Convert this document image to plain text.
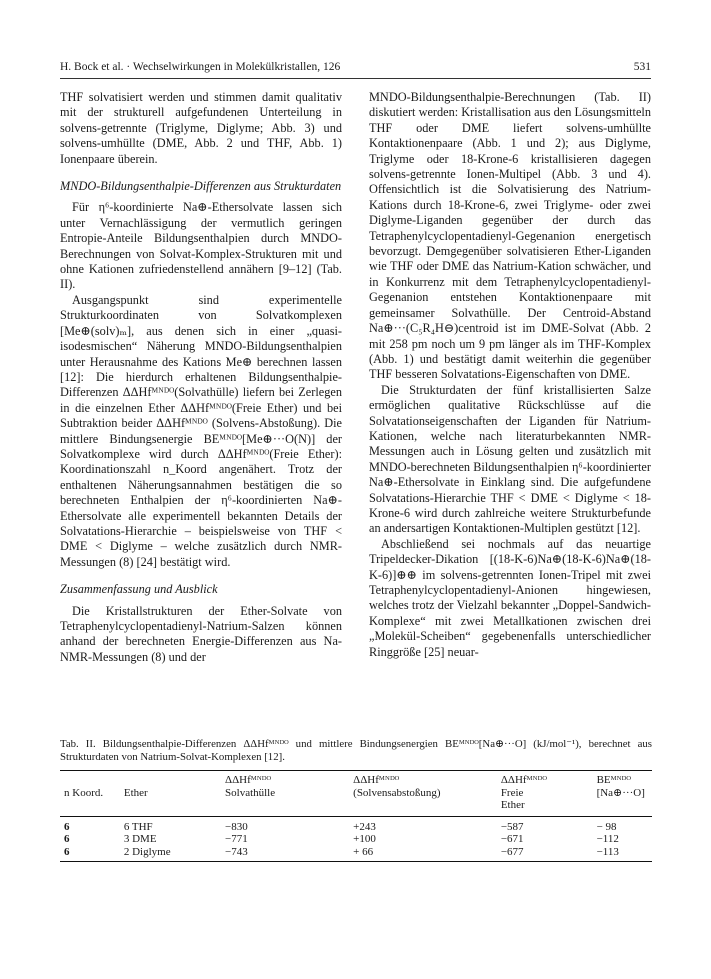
H. Bock et al. · Wechselwirkungen in Molekülkristallen, 126	531

THF solvatisiert werden und stimmen damit qualitativ mit der strukturell aufgefundenen Unterteilung in solvens-getrennte (Triglyme, Diglyme; Abb. 3) und solvens-umhüllte (DME, Abb. 2 und THF, Abb. 1) Ionenpaare überein.

MNDO-Bildungsenthalpie-Differenzen aus Strukturdaten

Für η⁶-koordinierte Na⊕-Ethersolvate lassen sich unter Vernachlässigung der vermutlich geringen Entropie-Anteile Bildungsenthalpien durch MNDO-Berechnungen von Solvat-Komplex-Strukturen mit und ohne Kationen zufriedenstellend annähern [9–12] (Tab. II).

Ausgangspunkt sind experimentelle Strukturkoordinaten von Solvatkomplexen [Me⊕(solv)ₘ], aus denen sich in einer „quasi-isodesmischen“ Näherung MNDO-Bildungsenthalpien unter Herausnahme des Kations Me⊕ berechnen lassen [12]: Die hierdurch erhaltenen Bildungsenthalpie-Differenzen ΔΔHfᴹᴺᴰᴼ(Solvathülle) liefern bei Zerlegen in die einzelnen Ether ΔΔHfᴹᴺᴰᴼ(Freie Ether) und bei Subtraktion beider ΔΔHfᴹᴺᴰᴼ (Solvens-Abstoßung). Die mittlere Bindungsenergie BEᴹᴺᴰᴼ[Me⊕···O(N)] der Solvatkomplexe wird durch ΔΔHfᴹᴺᴰᴼ(Freie Ether): Koordinationszahl n_Koord angenähert. Trotz der enthaltenen Näherungsannahmen bestätigen die so berechneten Enthalpien der η⁶-koordinierten Na⊕-Ethersolvate alle experimentell bekannten Details der Solvatations-Hierarchie – beispielsweise von THF < DME < Diglyme – welche zusätzlich durch NMR-Messungen (8) [24] bestätigt wird.

Zusammenfassung und Ausblick

Die Kristallstrukturen der Ether-Solvate von Tetraphenylcyclopentadienyl-Natrium-Salzen können anhand der berechneten Energie-Differenzen aus Na-NMR-Messungen (8) und der

MNDO-Bildungsenthalpie-Berechnungen (Tab. II) diskutiert werden: Kristallisation aus den Lösungsmitteln THF oder DME liefert solvens-umhüllte Kontaktionenpaare (Abb. 1 und 2); aus Diglyme, Triglyme oder 18-Krone-6 kristallisieren dagegen solvens-getrennte Ionen-Multipel (Abb. 3 und 4). Offensichtlich ist die Solvatisierung des Natrium-Kations durch 18-Krone-6, zwei Triglyme- oder zwei Diglyme-Liganden gegenüber der durch das Tetraphenylcyclopentadienyl-Gegenanion energetisch bevorzugt. Demgegenüber solvatisieren Ether-Liganden wie THF oder DME das Natrium-Kation schwächer, und in Konkurrenz mit dem Tetraphenylcyclopentadienyl-Gegenanion entstehen Kontaktionenpaare mit gemeinsamer Solvathülle. Der Centroid-Abstand Na⊕···(C₅R₄H⊖)centroid ist im DME-Solvat (Abb. 2 mit 258 pm noch um 9 pm länger als im THF-Komplex (Abb. 1) und bestätigt damit weiterhin die gegenüber THF besseren Solvatations-Eigenschaften von DME.

Die Strukturdaten der fünf kristallisierten Salze ermöglichen qualitative Rückschlüsse auf die Solvatationseigenschaften der Liganden für Natrium-Kationen, welche nach literaturbekannten NMR-Messungen auch in Lösung gelten und zusätzlich mit MNDO-berechneten Bildungsenthalpien η⁶-koordinierter Na⊕-Ethersolvate in Einklang sind. Die aufgefundene Solvatations-Hierarchie THF < DME < Diglyme < 18-Krone-6 wird durch zahlreiche weitere Strukturbefunde an andersartigen Kontaktionen-Multiplen gestützt [12].

Abschließend sei nochmals auf das neuartige Tripeldecker-Dikation [(18-K-6)Na⊕(18-K-6)Na⊕(18-K-6)]⊕⊕ im solvens-getrennten Ionen-Tripel mit zwei Tetraphenylcyclopentadienyl-Anionen hingewiesen, welches trotz der Vielzahl bekannter „Doppel-Sandwich-Komplexe“ mit zwei Metallkationen zwischen drei „Molekül-Scheiben“ gegebenenfalls unterschiedlicher Ringgröße [25] neuar-

Tab. II. Bildungsenthalpie-Differenzen ΔΔHfᴹᴺᴰᴼ und mittlere Bindungsenergien BEᴹᴺᴰᴼ[Na⊕···O] (kJ/mol⁻¹), berechnet aus Strukturdaten von Natrium-Solvat-Komplexen [12].
		ΔΔHfᴹᴺᴰᴼ	ΔΔHfᴹᴺᴰᴼ	ΔΔHfᴹᴺᴰᴼ	BEᴹᴺᴰᴼ
n Koord.	Ether	Solvathülle	(Solvensabstoßung)	Freie	[Na⊕···O]
				Ether	
6	6 THF	−830	+243	−587	− 98
6	3 DME	−771	+100	−671	−112
6	2 Diglyme	−743	+ 66	−677	−113
